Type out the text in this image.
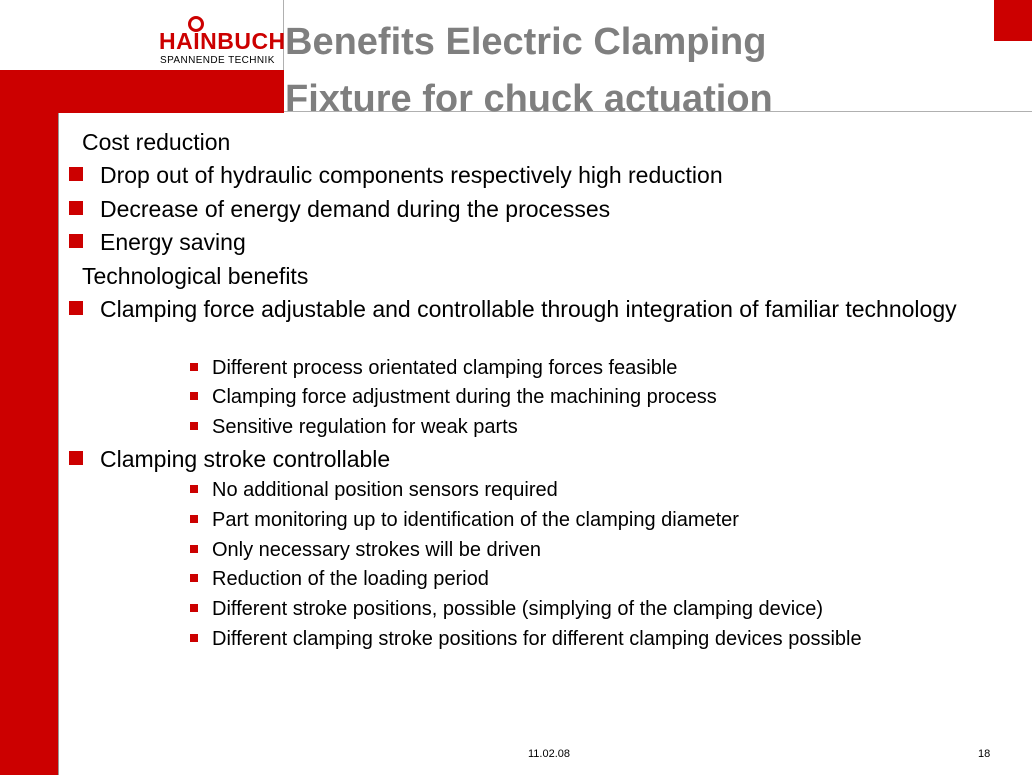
HAINBUCH
SPANNENDE TECHNIK Benefits Electric Clamping
Fixture for chuck actuation
Cost reduction
Drop out of hydraulic components respectively high reduction
Decrease of energy demand during the processes
Energy saving
Technological benefits
Clamping force adjustable and controllable through integration of familiar technology
Different process orientated clamping forces feasible
Clamping force adjustment during the machining process
Sensitive regulation for weak parts
Clamping stroke controllable
No additional position sensors required
Part monitoring up to identification of the clamping diameter
Only necessary strokes will be driven
Reduction of the loading period
Different stroke positions, possible (simplying of the clamping device)
Different clamping stroke positions for different clamping devices possible
11.02.08	18
